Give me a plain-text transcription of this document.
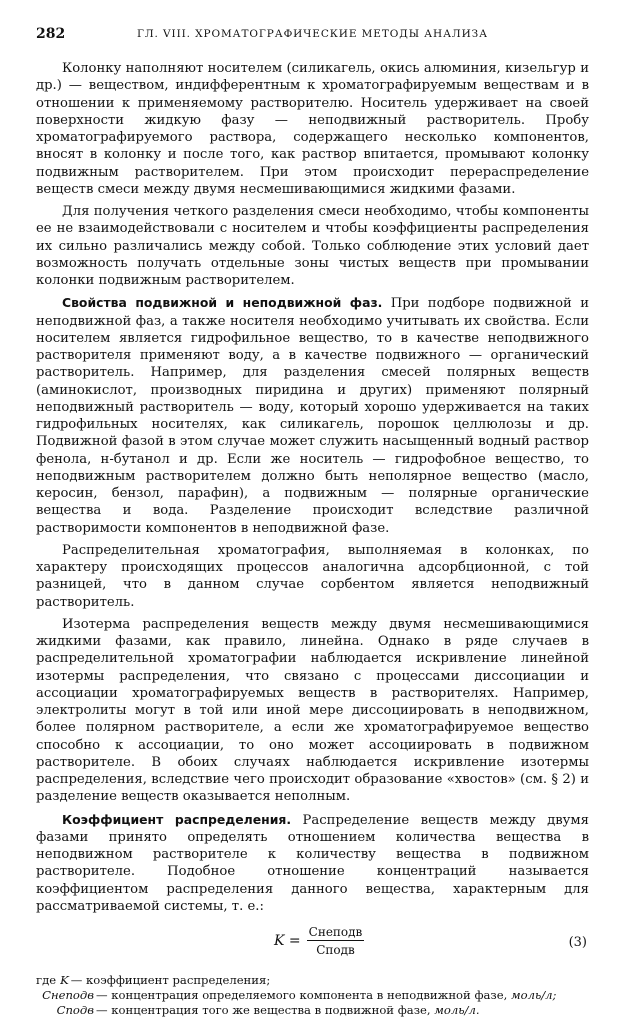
282	ГЛ. VIII. ХРОМАТОГРАФИЧЕСКИЕ МЕТОДЫ АНАЛИЗА

Колонку наполняют носителем (силикагель, окись алюминия, кизельгур и др.) — веществом, индифферентным к хроматографируемым веществам и в отношении к применяемому растворителю. Носитель удерживает на своей поверхности жидкую фазу — неподвижный растворитель. Пробу хроматографируемого раствора, содержащего несколько компонентов, вносят в колонку и после того, как раствор впитается, промывают колонку подвижным растворителем. При этом происходит перераспределение веществ смеси между двумя несмешивающимися жидкими фазами.

Для получения четкого разделения смеси необходимо, чтобы компоненты ее не взаимодействовали с носителем и чтобы коэффициенты распределения их сильно различались между собой. Только соблюдение этих условий дает возможность получать отдельные зоны чистых веществ при промывании колонки подвижным растворителем.

Свойства подвижной и неподвижной фаз. При подборе подвижной и неподвижной фаз, а также носителя необходимо учитывать их свойства. Если носителем является гидрофильное вещество, то в качестве неподвижного растворителя применяют воду, а в качестве подвижного — органический растворитель. Например, для разделения смесей полярных веществ (аминокислот, производных пиридина и других) применяют полярный неподвижный растворитель — воду, который хорошо удерживается на таких гидрофильных носителях, как силикагель, порошок целлюлозы и др. Подвижной фазой в этом случае может служить насыщенный водный раствор фенола, н-бутанол и др. Если же носитель — гидрофобное вещество, то неподвижным растворителем должно быть неполярное вещество (масло, керосин, бензол, парафин), а подвижным — полярные органические вещества и вода. Разделение происходит вследствие различной растворимости компонентов в неподвижной фазе.

Распределительная хроматография, выполняемая в колонках, по характеру происходящих процессов аналогична адсорбционной, с той разницей, что в данном случае сорбентом является неподвижный растворитель.

Изотерма распределения веществ между двумя несмешивающимися жидкими фазами, как правило, линейна. Однако в ряде случаев в распределительной хроматографии наблюдается искривление линейной изотермы распределения, что связано с процессами диссоциации и ассоциации хроматографируемых веществ в растворителях. Например, электролиты могут в той или иной мере диссоциировать в неподвижном, более полярном растворителе, а если же хроматографируемое вещество способно к ассоциации, то оно может ассоциировать в подвижном растворителе. В обоих случаях наблюдается искривление изотермы распределения, вследствие чего происходит образование «хвостов» (см. § 2) и разделение веществ оказывается неполным.

Коэффициент распределения. Распределение веществ между двумя фазами принято определять отношением количества вещества в неподвижном растворителе к количеству вещества в подвижном растворителе. Подобное отношение концентраций называется коэффициентом распределения данного вещества, характерным для рассматриваемой системы, т. е.:

$K = \frac{\text{Cнеподв}}{\text{Cподв}}$	(3)
где K — коэффициент распределения;
Cнеподв — концентрация определяемого компонента в неподвижной фазе, моль/л;
Cподв — концентрация того же вещества в подвижной фазе, моль/л.
